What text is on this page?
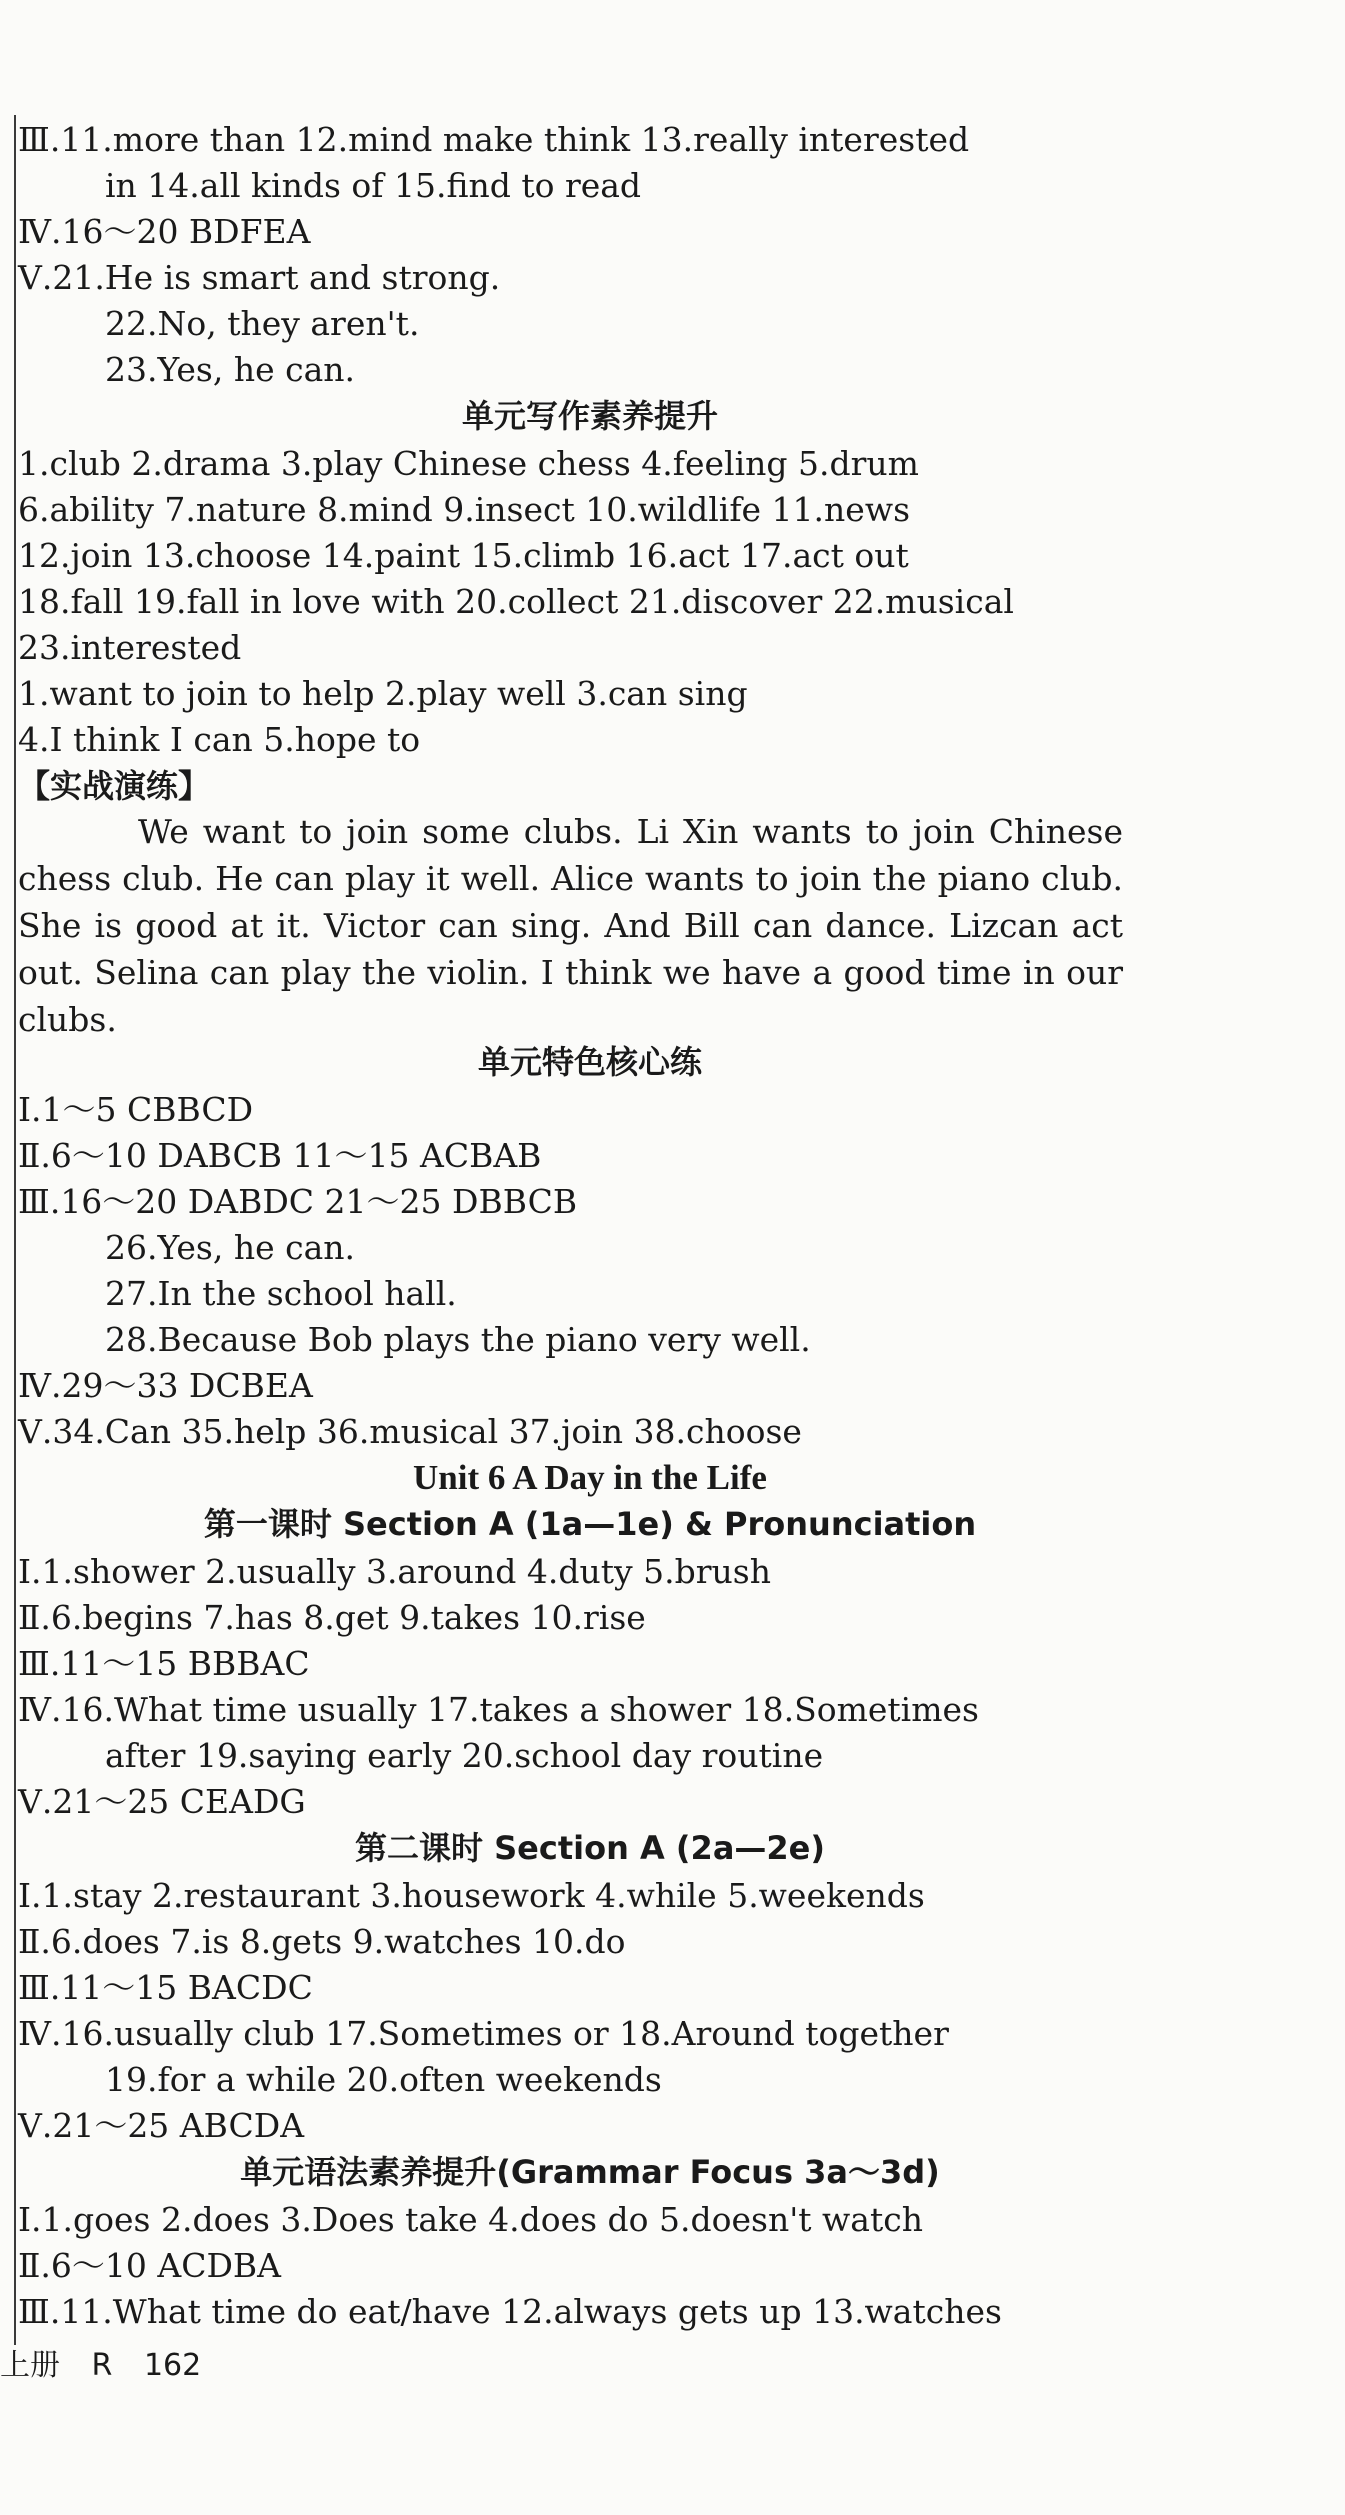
Ⅲ.11.more than 12.mind make think 13.really interested
in 14.all kinds of 15.find to read
Ⅳ.16～20 BDFEA
Ⅴ.21.He is smart and strong.
22.No, they aren't.
23.Yes, he can.
单元写作素养提升
1.club 2.drama 3.play Chinese chess 4.feeling 5.drum
6.ability 7.nature 8.mind 9.insect 10.wildlife 11.news
12.join 13.choose 14.paint 15.climb 16.act 17.act out
18.fall 19.fall in love with 20.collect 21.discover 22.musical
23.interested
1.want to join to help 2.play well 3.can sing
4.I think I can 5.hope to
【实战演练】

We want to join some clubs. Li Xin wants to join Chinese chess club. He can play it well. Alice wants to join the piano club. She is good at it. Victor can sing. And Bill can dance. Lizcan act out. Selina can play the violin. I think we have a good time in our clubs.

单元特色核心练
Ⅰ.1～5 CBBCD
Ⅱ.6～10 DABCB 11～15 ACBAB
Ⅲ.16～20 DABDC 21～25 DBBCB
26.Yes, he can.
27.In the school hall.
28.Because Bob plays the piano very well.
Ⅳ.29～33 DCBEA
Ⅴ.34.Can 35.help 36.musical 37.join 38.choose
Unit 6 A Day in the Life
第一课时 Section A (1a—1e) & Pronunciation
Ⅰ.1.shower 2.usually 3.around 4.duty 5.brush
Ⅱ.6.begins 7.has 8.get 9.takes 10.rise
Ⅲ.11～15 BBBAC
Ⅳ.16.What time usually 17.takes a shower 18.Sometimes
after 19.saying early 20.school day routine
Ⅴ.21～25 CEADG
第二课时 Section A (2a—2e)
Ⅰ.1.stay 2.restaurant 3.housework 4.while 5.weekends
Ⅱ.6.does 7.is 8.gets 9.watches 10.do
Ⅲ.11～15 BACDC
Ⅳ.16.usually club 17.Sometimes or 18.Around together
19.for a while 20.often weekends
Ⅴ.21～25 ABCDA
单元语法素养提升(Grammar Focus 3a～3d)
Ⅰ.1.goes 2.does 3.Does take 4.does do 5.doesn't watch
Ⅱ.6～10 ACDBA
Ⅲ.11.What time do eat/have 12.always gets up 13.watches
上册 R 162
